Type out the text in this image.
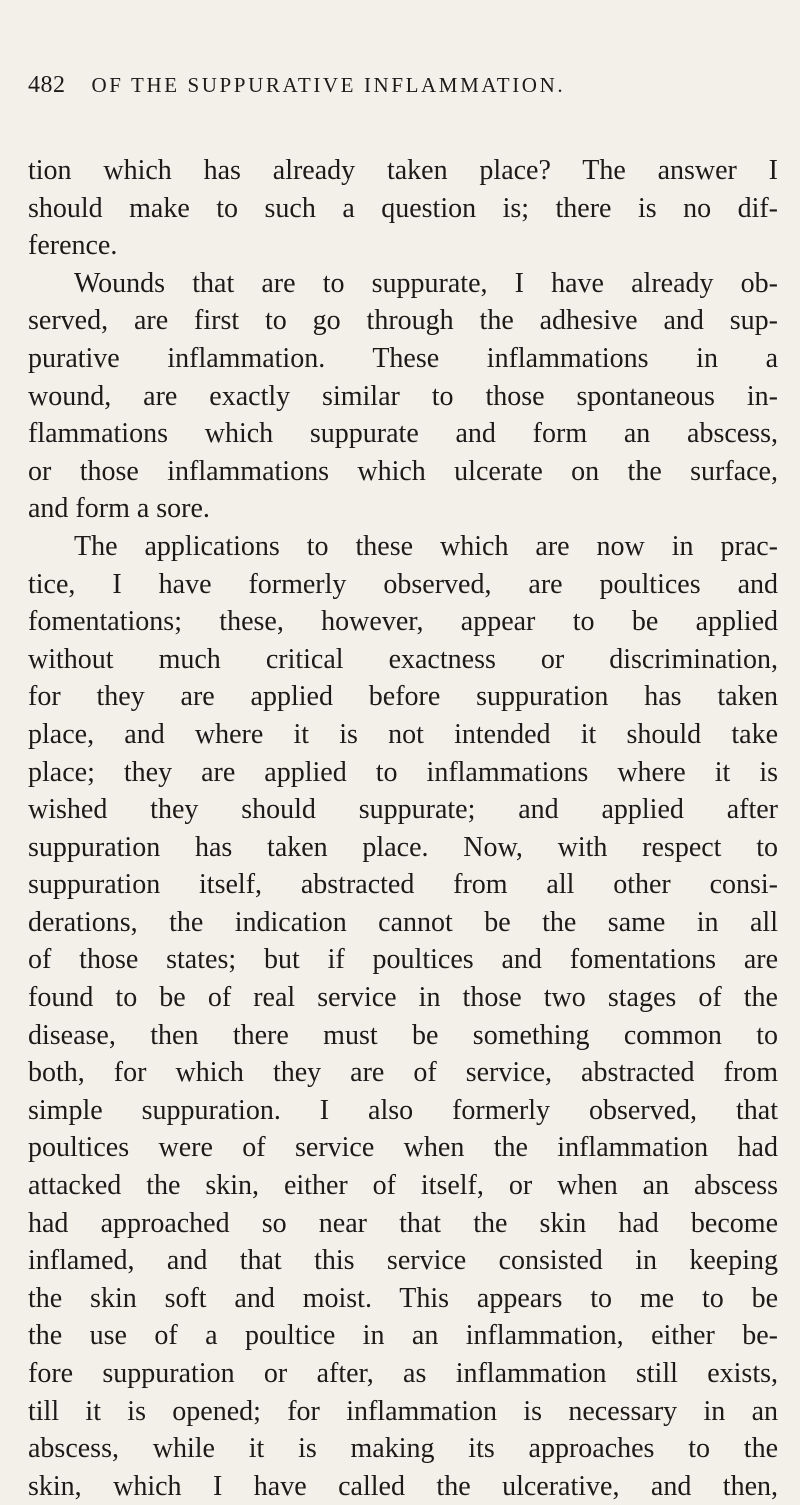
482 OF THE SUPPURATIVE INFLAMMATION.
tion which has already taken place? The answer I
should make to such a question is; there is no dif-
ference.
Wounds that are to suppurate, I have already ob-
served, are first to go through the adhesive and sup-
purative inflammation. These inflammations in a
wound, are exactly similar to those spontaneous in-
flammations which suppurate and form an abscess,
or those inflammations which ulcerate on the surface,
and form a sore.
The applications to these which are now in prac-
tice, I have formerly observed, are poultices and
fomentations; these, however, appear to be applied
without much critical exactness or discrimination,
for they are applied before suppuration has taken
place, and where it is not intended it should take
place; they are applied to inflammations where it is
wished they should suppurate; and applied after
suppuration has taken place. Now, with respect to
suppuration itself, abstracted from all other consi-
derations, the indication cannot be the same in all
of those states; but if poultices and fomentations are
found to be of real service in those two stages of the
disease, then there must be something common to
both, for which they are of service, abstracted from
simple suppuration. I also formerly observed, that
poultices were of service when the inflammation had
attacked the skin, either of itself, or when an abscess
had approached so near that the skin had become
inflamed, and that this service consisted in keeping
the skin soft and moist. This appears to me to be
the use of a poultice in an inflammation, either be-
fore suppuration or after, as inflammation still exists,
till it is opened; for inflammation is necessary in an
abscess, while it is making its approaches to the
skin, which I have called the ulcerative, and then,
